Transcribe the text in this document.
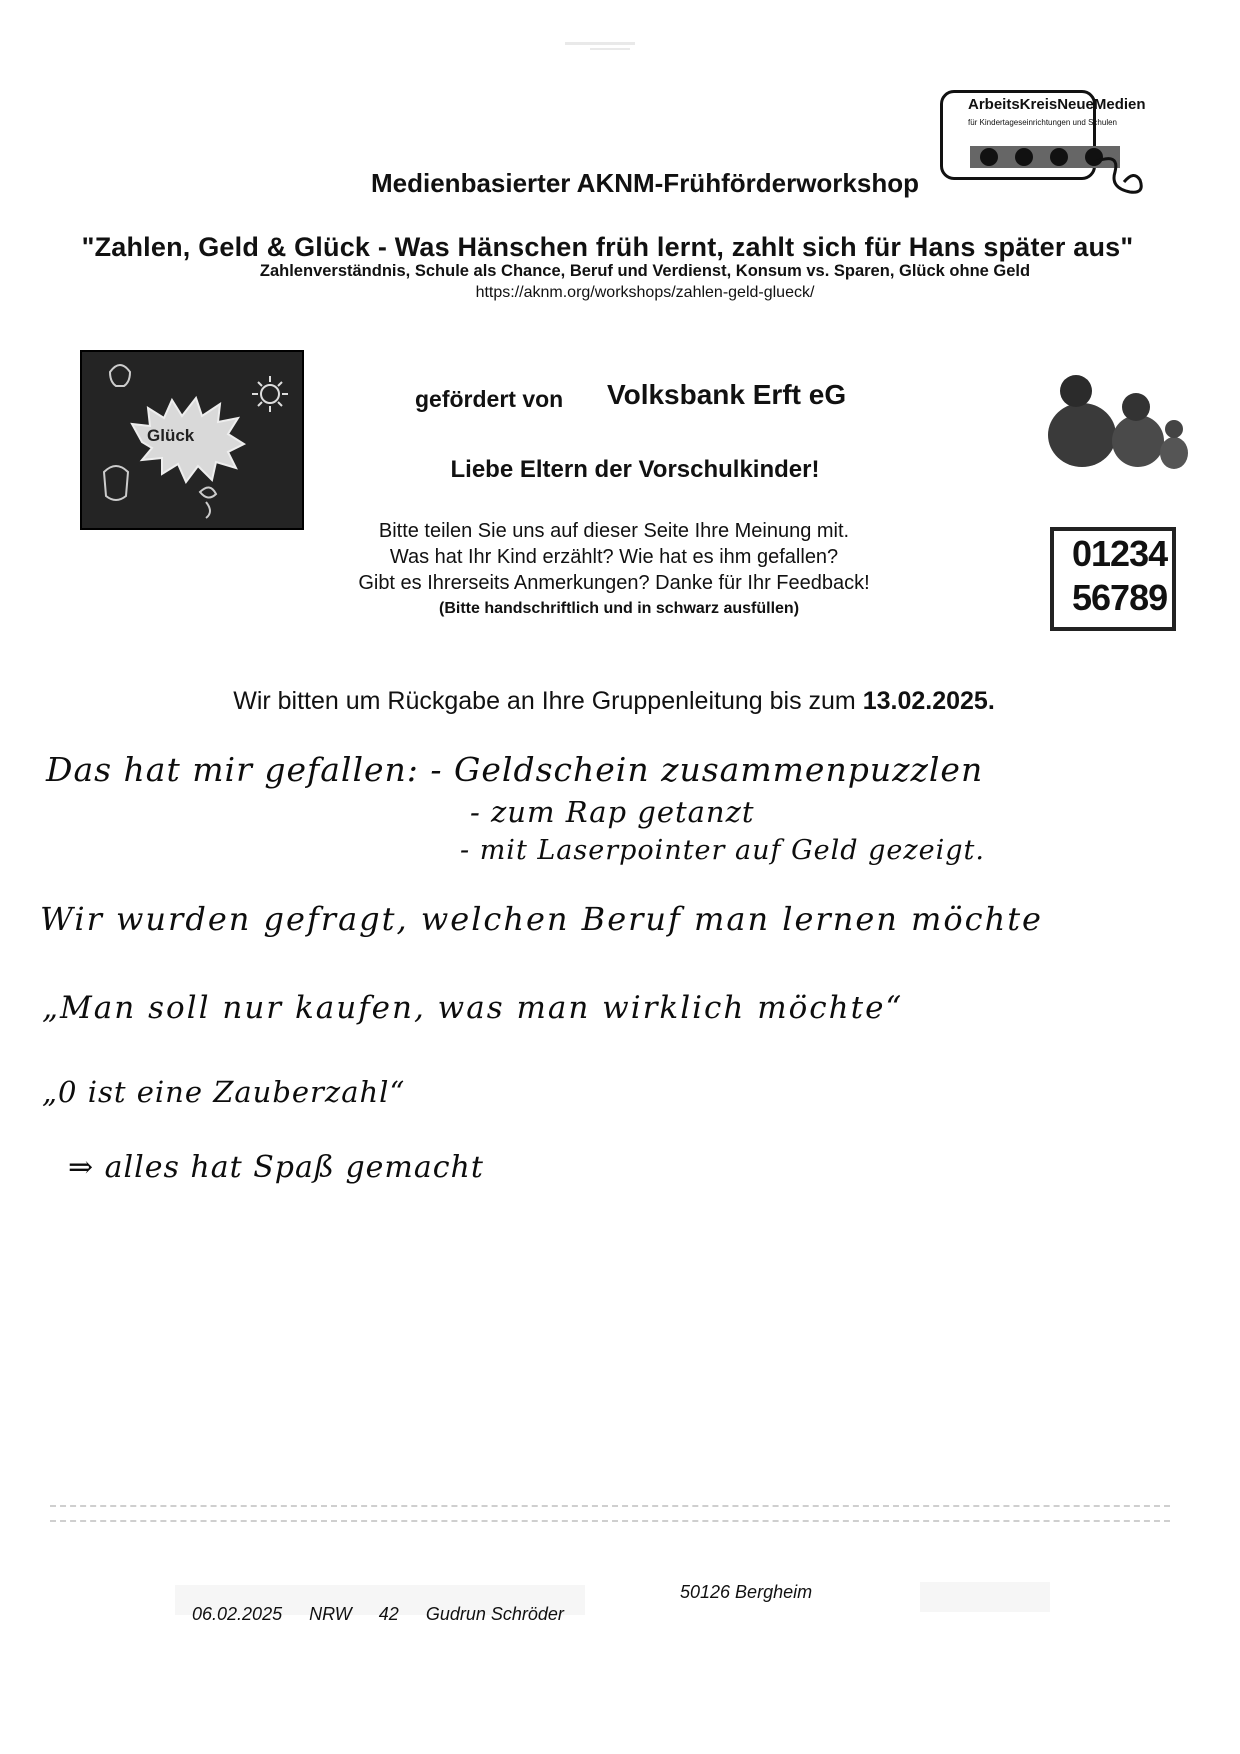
ArbeitsKreisNeueMedien
für Kindertageseinrichtungen und Schulen
Medienbasierter AKNM-Frühförderworkshop
"Zahlen, Geld & Glück - Was Hänschen früh lernt, zahlt sich für Hans später aus"
Zahlenverständnis, Schule als Chance, Beruf und Verdienst, Konsum vs. Sparen, Glück ohne Geld
https://aknm.org/workshops/zahlen-geld-glueck/
Glück
gefördert von Volksbank Erft eG
Liebe Eltern der Vorschulkinder!
Bitte teilen Sie uns auf dieser Seite Ihre Meinung mit.
Was hat Ihr Kind erzählt? Wie hat es ihm gefallen?
Gibt es Ihrerseits Anmerkungen? Danke für Ihr Feedback!
(Bitte handschriftlich und in schwarz ausfüllen)
01234
56789
Wir bitten um Rückgabe an Ihre Gruppenleitung bis zum 13.02.2025.
Das hat mir gefallen: - Geldschein zusammenpuzzlen
- zum Rap getanzt
- mit Laserpointer auf Geld gezeigt.
Wir wurden gefragt, welchen Beruf man lernen möchte
„Man soll nur kaufen, was man wirklich möchte“
„0 ist eine Zauberzahl“
⇒ alles hat Spaß gemacht
06.02.2025 NRW 42 Gudrun Schröder
50126 Bergheim
